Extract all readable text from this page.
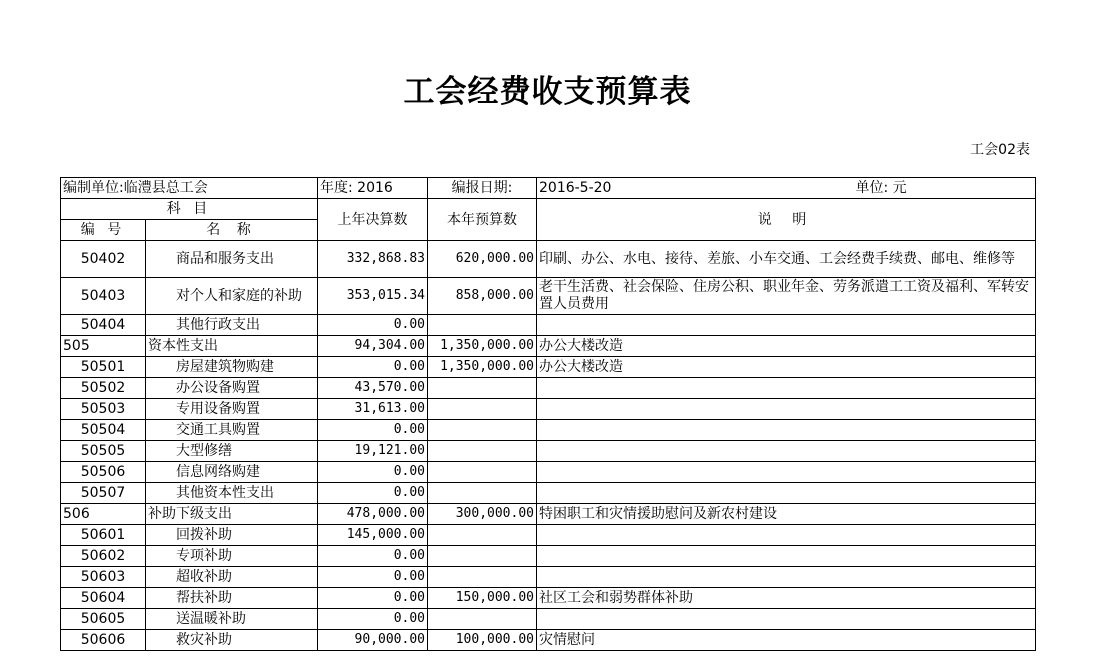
工会经费收支预算表
工会02表
编制单位:临澧县总工会		年度: 2016	编报日期:	2016-5-20 单位: 元

科 目		上年决算数	本年预算数	说 明
编 号	名 称			
50402	商品和服务支出	332,868.83	620,000.00	印刷、办公、水电、接待、差旅、小车交通、工会经费手续费、邮电、维修等
50403	对个人和家庭的补助	353,015.34	858,000.00	老干生活费、社会保险、住房公积、职业年金、劳务派遣工工资及福利、军转安置人员费用
50404	其他行政支出	0.00		
505	资本性支出	94,304.00	1,350,000.00	办公大楼改造
50501	房屋建筑物购建	0.00	1,350,000.00	办公大楼改造
50502	办公设备购置	43,570.00		
50503	专用设备购置	31,613.00		
50504	交通工具购置	0.00		
50505	大型修缮	19,121.00		
50506	信息网络购建	0.00		
50507	其他资本性支出	0.00		
506	补助下级支出	478,000.00	300,000.00	特困职工和灾情援助慰问及新农村建设
50601	回拨补助	145,000.00		
50602	专项补助	0.00		
50603	超收补助	0.00		
50604	帮扶补助	0.00	150,000.00	社区工会和弱势群体补助
50605	送温暖补助	0.00		
50606	救灾补助	90,000.00	100,000.00	灾情慰问
